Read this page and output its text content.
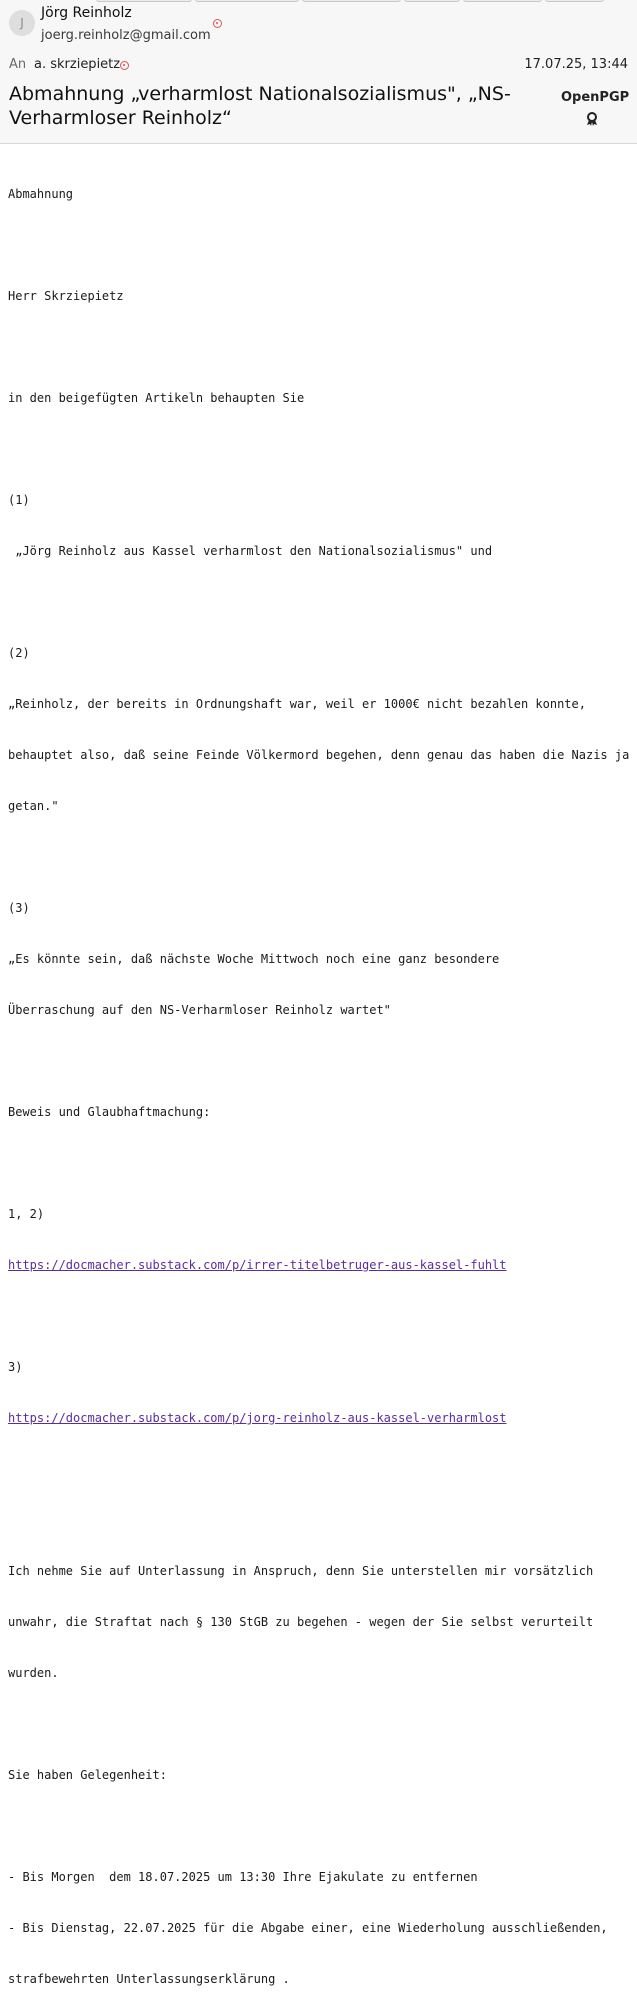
J
Jörg Reinholz
joerg.reinholz@gmail.com
An a. skrziepietz	17.07.25, 13:44
Abmahnung „verharmlost Nationalsozialismus", „NS-Verharmloser Reinholz“
OpenPGP

Abmahnung

Herr Skrziepietz

in den beigefügten Artikeln behaupten Sie

(1)

„Jörg Reinholz aus Kassel verharmlost den Nationalsozialismus" und

(2)

„Reinholz, der bereits in Ordnungshaft war, weil er 1000€ nicht bezahlen konnte,

behauptet also, daß seine Feinde Völkermord begehen, denn genau das haben die Nazis ja

getan."

(3)

„Es könnte sein, daß nächste Woche Mittwoch noch eine ganz besondere

Überraschung auf den NS-Verharmloser Reinholz wartet"

Beweis und Glaubhaftmachung:

1, 2)

https://docmacher.substack.com/p/irrer-titelbetruger-aus-kassel-fuhlt

3)

https://docmacher.substack.com/p/jorg-reinholz-aus-kassel-verharmlost

Ich nehme Sie auf Unterlassung in Anspruch, denn Sie unterstellen mir vorsätzlich

unwahr, die Straftat nach § 130 StGB zu begehen - wegen der Sie selbst verurteilt

wurden.

Sie haben Gelegenheit:

- Bis Morgen  dem 18.07.2025 um 13:30 Ihre Ejakulate zu entfernen

- Bis Dienstag, 22.07.2025 für die Abgabe einer, eine Wiederholung ausschließenden,

strafbewehrten Unterlassungserklärung .
